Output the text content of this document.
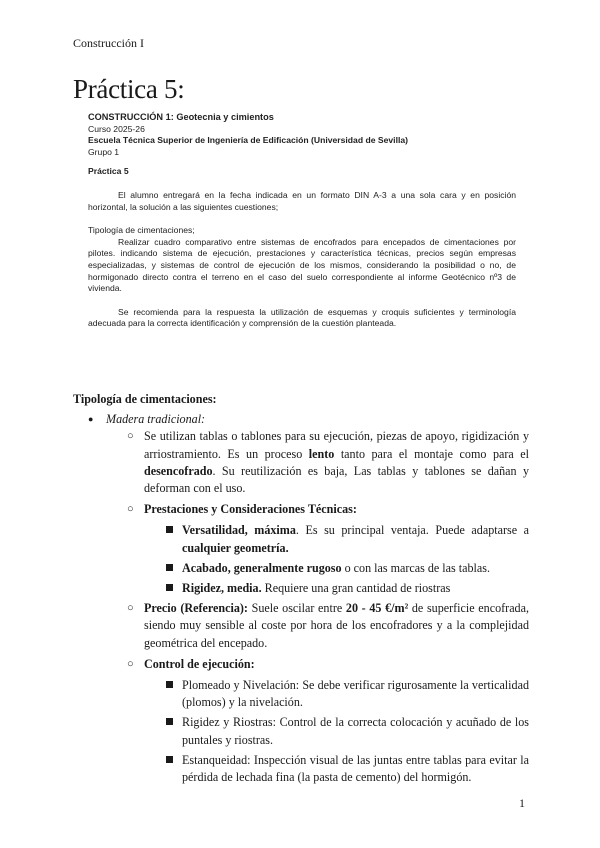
Construcción I
Práctica 5:
CONSTRUCCIÓN 1: Geotecnia y cimientos
Curso 2025-26
Escuela Técnica Superior de Ingeniería de Edificación (Universidad de Sevilla)
Grupo 1
Práctica 5

El alumno entregará en la fecha indicada en un formato DIN A-3 a una sola cara y en posición horizontal, la solución a las siguientes cuestiones;

Tipología de cimentaciones;

Realizar cuadro comparativo entre sistemas de encofrados para encepados de cimentaciones por pilotes. indicando sistema de ejecución, prestaciones y característica técnicas, precios según empresas especializadas, y sistemas de control de ejecución de los mismos, considerando la posibilidad o no, de hormigonado directo contra el terreno en el caso del suelo correspondiente al informe Geotécnico nº3 de vivienda.

Se recomienda para la respuesta la utilización de esquemas y croquis suficientes y terminología adecuada para la correcta identificación y comprensión de la cuestión planteada.

Tipología de cimentaciones:
● Madera tradicional:
○ Se utilizan tablas o tablones para su ejecución, piezas de apoyo, rigidización y arriostramiento. Es un proceso lento tanto para el montaje como para el desencofrado. Su reutilización es baja, Las tablas y tablones se dañan y deforman con el uso.
○ Prestaciones y Consideraciones Técnicas:
Versatilidad, máxima. Es su principal ventaja. Puede adaptarse a cualquier geometría.
Acabado, generalmente rugoso o con las marcas de las tablas.
Rigidez, media. Requiere una gran cantidad de riostras
○ Precio (Referencia): Suele oscilar entre 20 - 45 €/m² de superficie encofrada, siendo muy sensible al coste por hora de los encofradores y a la complejidad geométrica del encepado.
○ Control de ejecución:
Plomeado y Nivelación: Se debe verificar rigurosamente la verticalidad (plomos) y la nivelación.
Rigidez y Riostras: Control de la correcta colocación y acuñado de los puntales y riostras.
Estanqueidad: Inspección visual de las juntas entre tablas para evitar la pérdida de lechada fina (la pasta de cemento) del hormigón.
1
